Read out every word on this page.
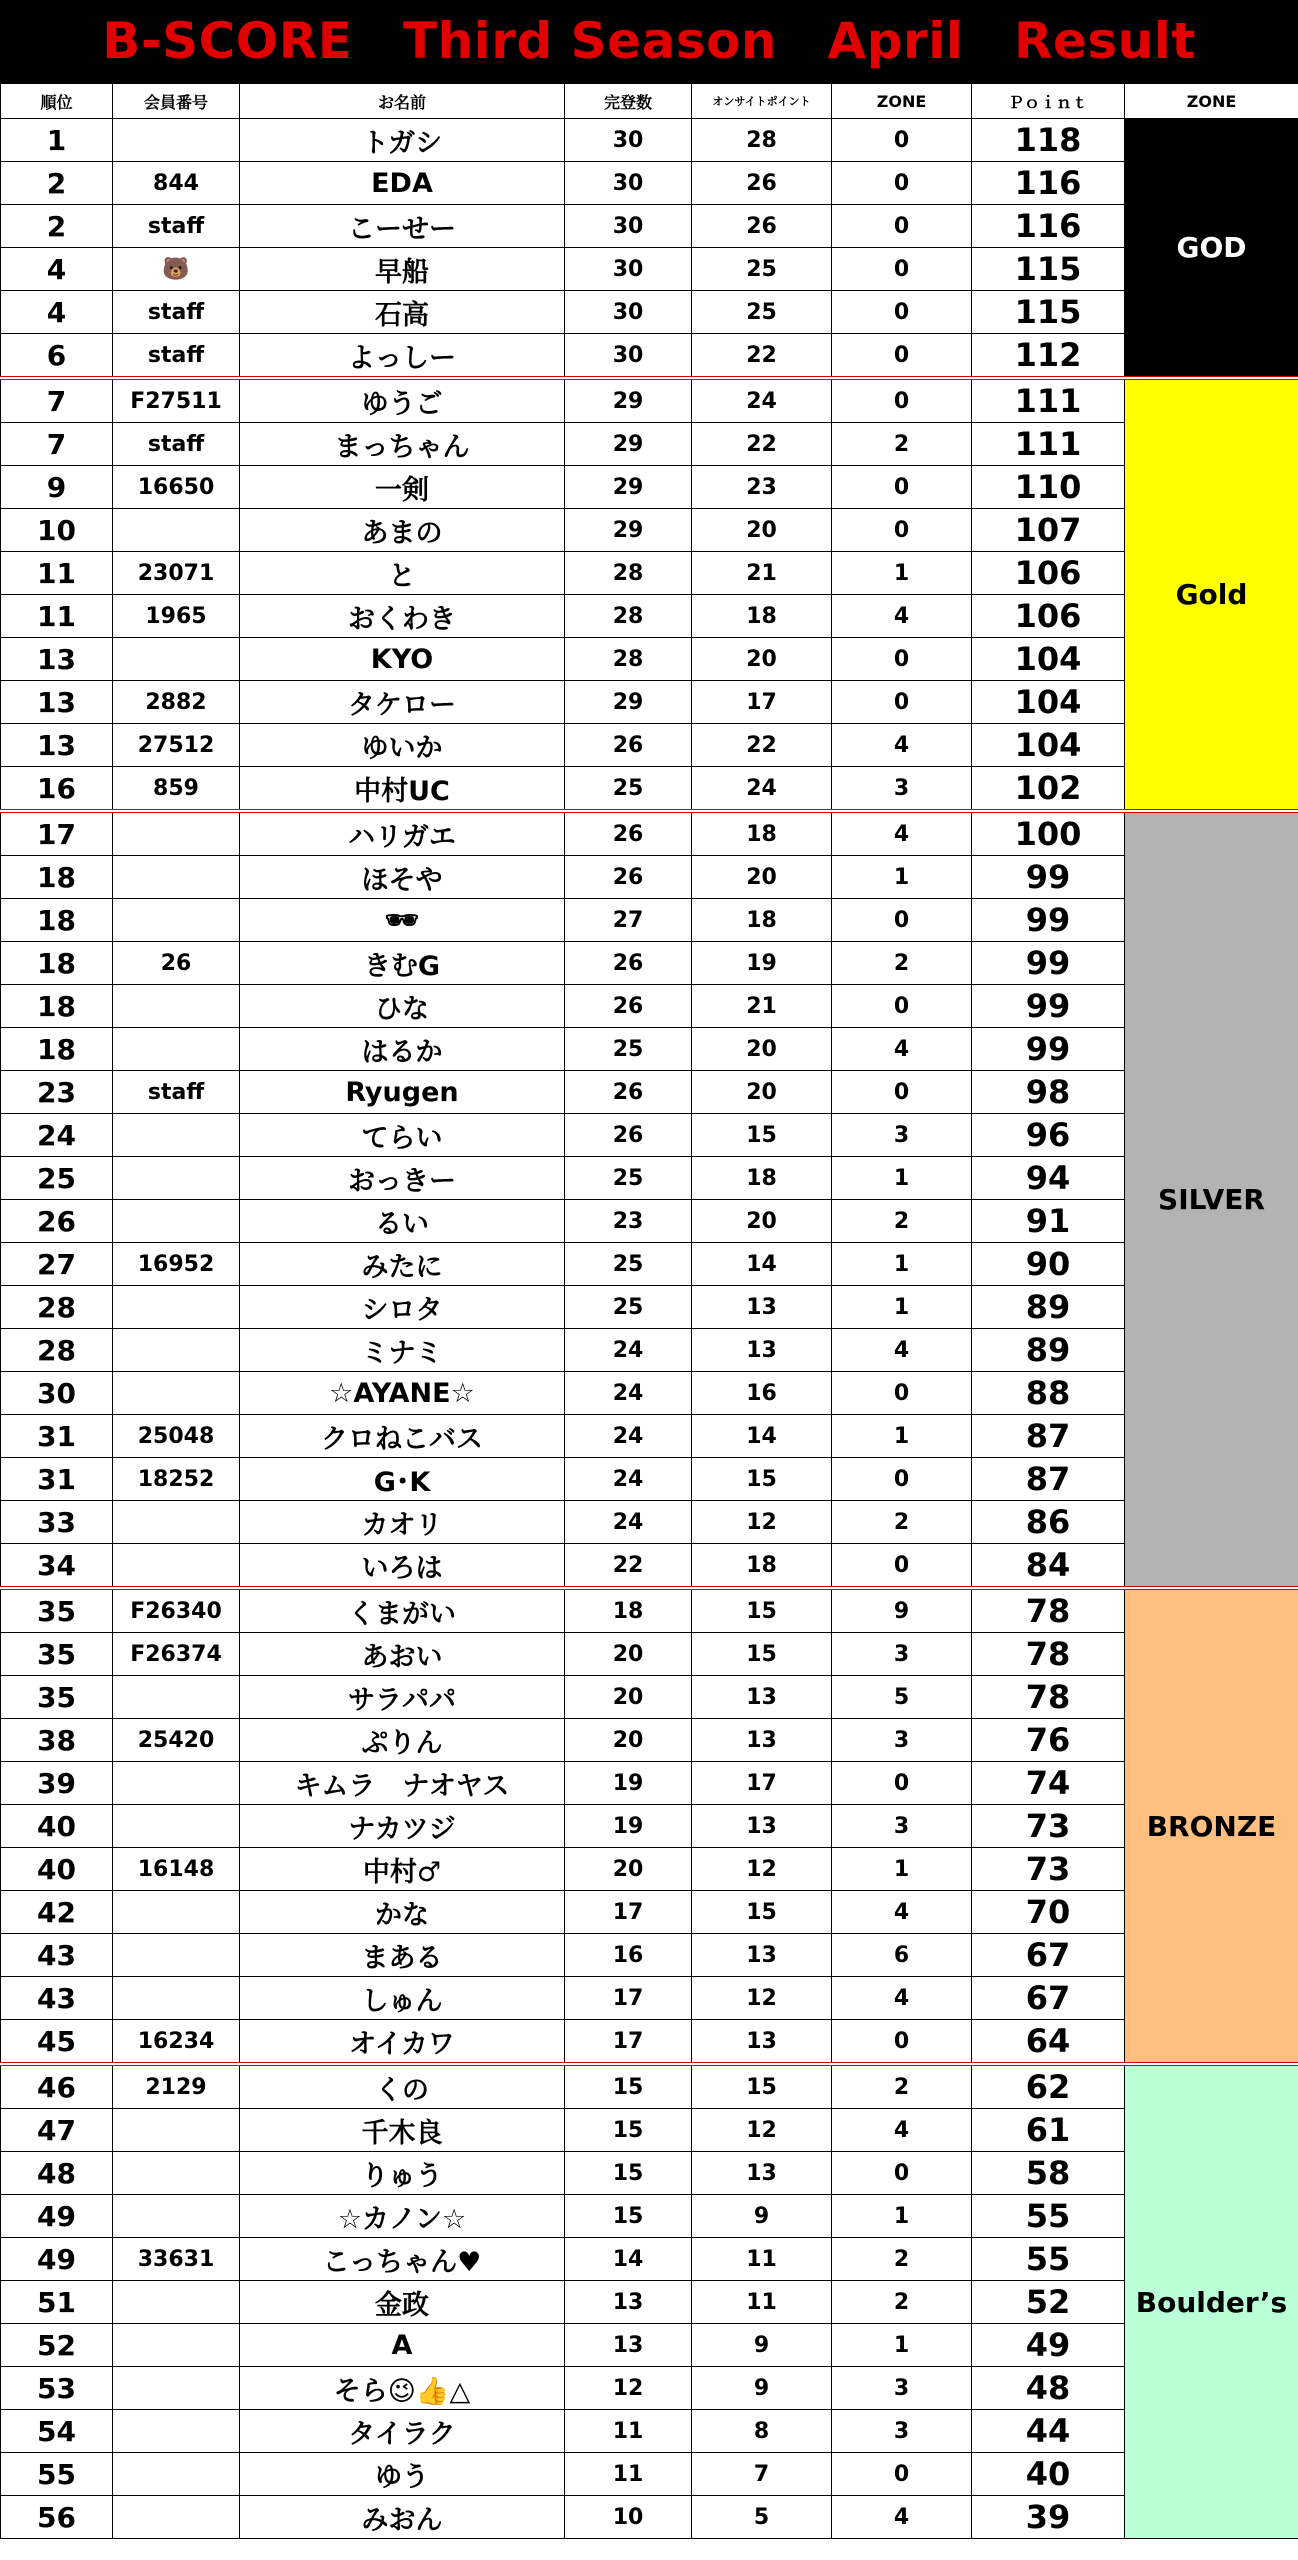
B-SCORE　Third Season　April　Result
順位	会員番号	お名前	完登数	オンサイトポイント	ZONE	Ｐｏｉｎｔ	ZONE
1		トガシ	30	28	0	118	GOD
2	844	EDA	30	26	0	116	
2	staff	こーせー	30	26	0	116	
4	🐻	早船	30	25	0	115	
4	staff	石高	30	25	0	115	
6	staff	よっしー	30	22	0	112	
7	F27511	ゆうご	29	24	0	111	Gold
7	staff	まっちゃん	29	22	2	111	
9	16650	一剣	29	23	0	110	
10		あまの	29	20	0	107	
11	23071	と	28	21	1	106	
11	1965	おくわき	28	18	4	106	
13		KYO	28	20	0	104	
13	2882	タケロー	29	17	0	104	
13	27512	ゆいか	26	22	4	104	
16	859	中村UC	25	24	3	102	
17		ハリガエ	26	18	4	100	SILVER
18		ほそや	26	20	1	99	
18		🕶	27	18	0	99	
18	26	きむG	26	19	2	99	
18		ひな	26	21	0	99	
18		はるか	25	20	4	99	
23	staff	Ryugen	26	20	0	98	
24		てらい	26	15	3	96	
25		おっきー	25	18	1	94	
26		るい	23	20	2	91	
27	16952	みたに	25	14	1	90	
28		シロタ	25	13	1	89	
28		ミナミ	24	13	4	89	
30		☆AYANE☆	24	16	0	88	
31	25048	クロねこバス	24	14	1	87	
31	18252	G･K	24	15	0	87	
33		カオリ	24	12	2	86	
34		いろは	22	18	0	84	
35	F26340	くまがい	18	15	9	78	BRONZE
35	F26374	あおい	20	15	3	78	
35		サラパパ	20	13	5	78	
38	25420	ぷりん	20	13	3	76	
39		キムラ　ナオヤス	19	17	0	74	
40		ナカツジ	19	13	3	73	
40	16148	中村♂	20	12	1	73	
42		かな	17	15	4	70	
43		まある	16	13	6	67	
43		しゅん	17	12	4	67	
45	16234	オイカワ	17	13	0	64	
46	2129	くの	15	15	2	62	Boulder’s
47		千木良	15	12	4	61	
48		りゅう	15	13	0	58	
49		☆カノン☆	15	9	1	55	
49	33631	こっちゃん♥	14	11	2	55	
51		金政	13	11	2	52	
52		A	13	9	1	49	
53		そら😉👍△	12	9	3	48	
54		タイラク	11	8	3	44	
55		ゆう	11	7	0	40	
56		みおん	10	5	4	39	
